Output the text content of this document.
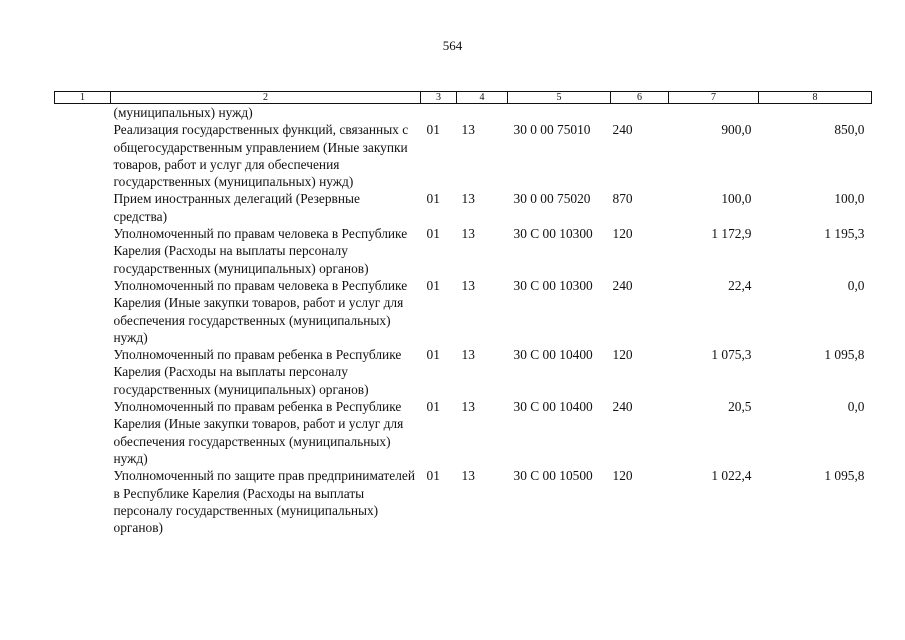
564
1	2	3	4	5	6	7	8
	(муниципальных) нужд)						
	Реализация государственных функций, связанных с общегосударственным управлением (Иные закупки товаров, работ и услуг для обеспечения государственных (муниципальных) нужд)	01	13	30 0 00 75010	240	900,0	850,0
	Прием иностранных делегаций (Резервные средства)	01	13	30 0 00 75020	870	100,0	100,0
	Уполномоченный по правам человека в Республике Карелия (Расходы на выплаты персоналу государственных (муниципальных) органов)	01	13	30 С 00 10300	120	1 172,9	1 195,3
	Уполномоченный по правам человека в Республике Карелия (Иные закупки товаров, работ и услуг для обеспечения государственных (муниципальных) нужд)	01	13	30 С 00 10300	240	22,4	0,0
	Уполномоченный по правам ребенка в Республике Карелия (Расходы на выплаты персоналу государственных (муниципальных) органов)	01	13	30 С 00 10400	120	1 075,3	1 095,8
	Уполномоченный по правам ребенка в Республике Карелия (Иные закупки товаров, работ и услуг для обеспечения государственных (муниципальных) нужд)	01	13	30 С 00 10400	240	20,5	0,0
	Уполномоченный по защите прав предпринимателей в Республике Карелия (Расходы на выплаты персоналу государственных (муниципальных) органов)	01	13	30 С 00 10500	120	1 022,4	1 095,8
